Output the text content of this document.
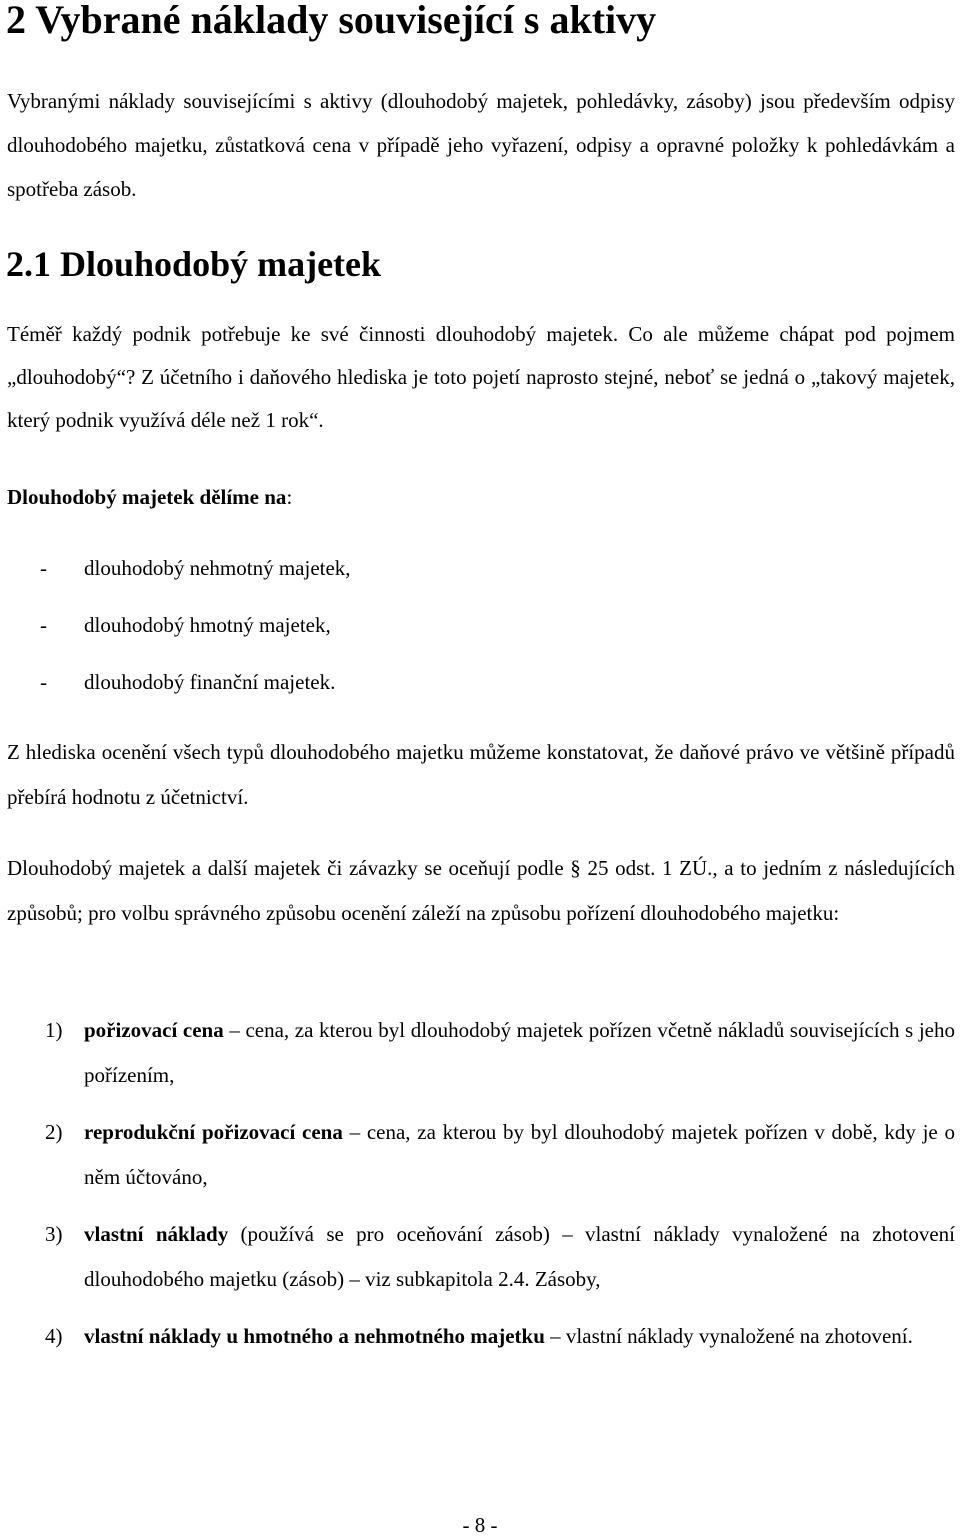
2 Vybrané náklady související s aktivy

Vybranými náklady souvisejícími s aktivy (dlouhodobý majetek, pohledávky, zásoby) jsou především odpisy dlouhodobého majetku, zůstatková cena v případě jeho vyřazení, odpisy a opravné položky k pohledávkám a spotřeba zásob.

2.1 Dlouhodobý majetek

Téměř každý podnik potřebuje ke své činnosti dlouhodobý majetek. Co ale můžeme chápat pod pojmem „dlouhodobý“? Z účetního i daňového hlediska je toto pojetí naprosto stejné, neboť se jedná o „takový majetek, který podnik využívá déle než 1 rok“.

Dlouhodobý majetek dělíme na:

- dlouhodobý nehmotný majetek,
- dlouhodobý hmotný majetek,
- dlouhodobý finanční majetek.

Z hlediska ocenění všech typů dlouhodobého majetku můžeme konstatovat, že daňové právo ve většině případů přebírá hodnotu z účetnictví.

Dlouhodobý majetek a další majetek či závazky se oceňují podle § 25 odst. 1 ZÚ., a to jedním z následujících způsobů; pro volbu správného způsobu ocenění záleží na způsobu pořízení dlouhodobého majetku:

1) pořizovací cena – cena, za kterou byl dlouhodobý majetek pořízen včetně nákladů souvisejících s jeho pořízením,
2) reprodukční pořizovací cena – cena, za kterou by byl dlouhodobý majetek pořízen v době, kdy je o něm účtováno,
3) vlastní náklady (používá se pro oceňování zásob) – vlastní náklady vynaložené na zhotovení dlouhodobého majetku (zásob) – viz subkapitola 2.4. Zásoby,
4) vlastní náklady u hmotného a nehmotného majetku – vlastní náklady vynaložené na zhotovení.
- 8 -
